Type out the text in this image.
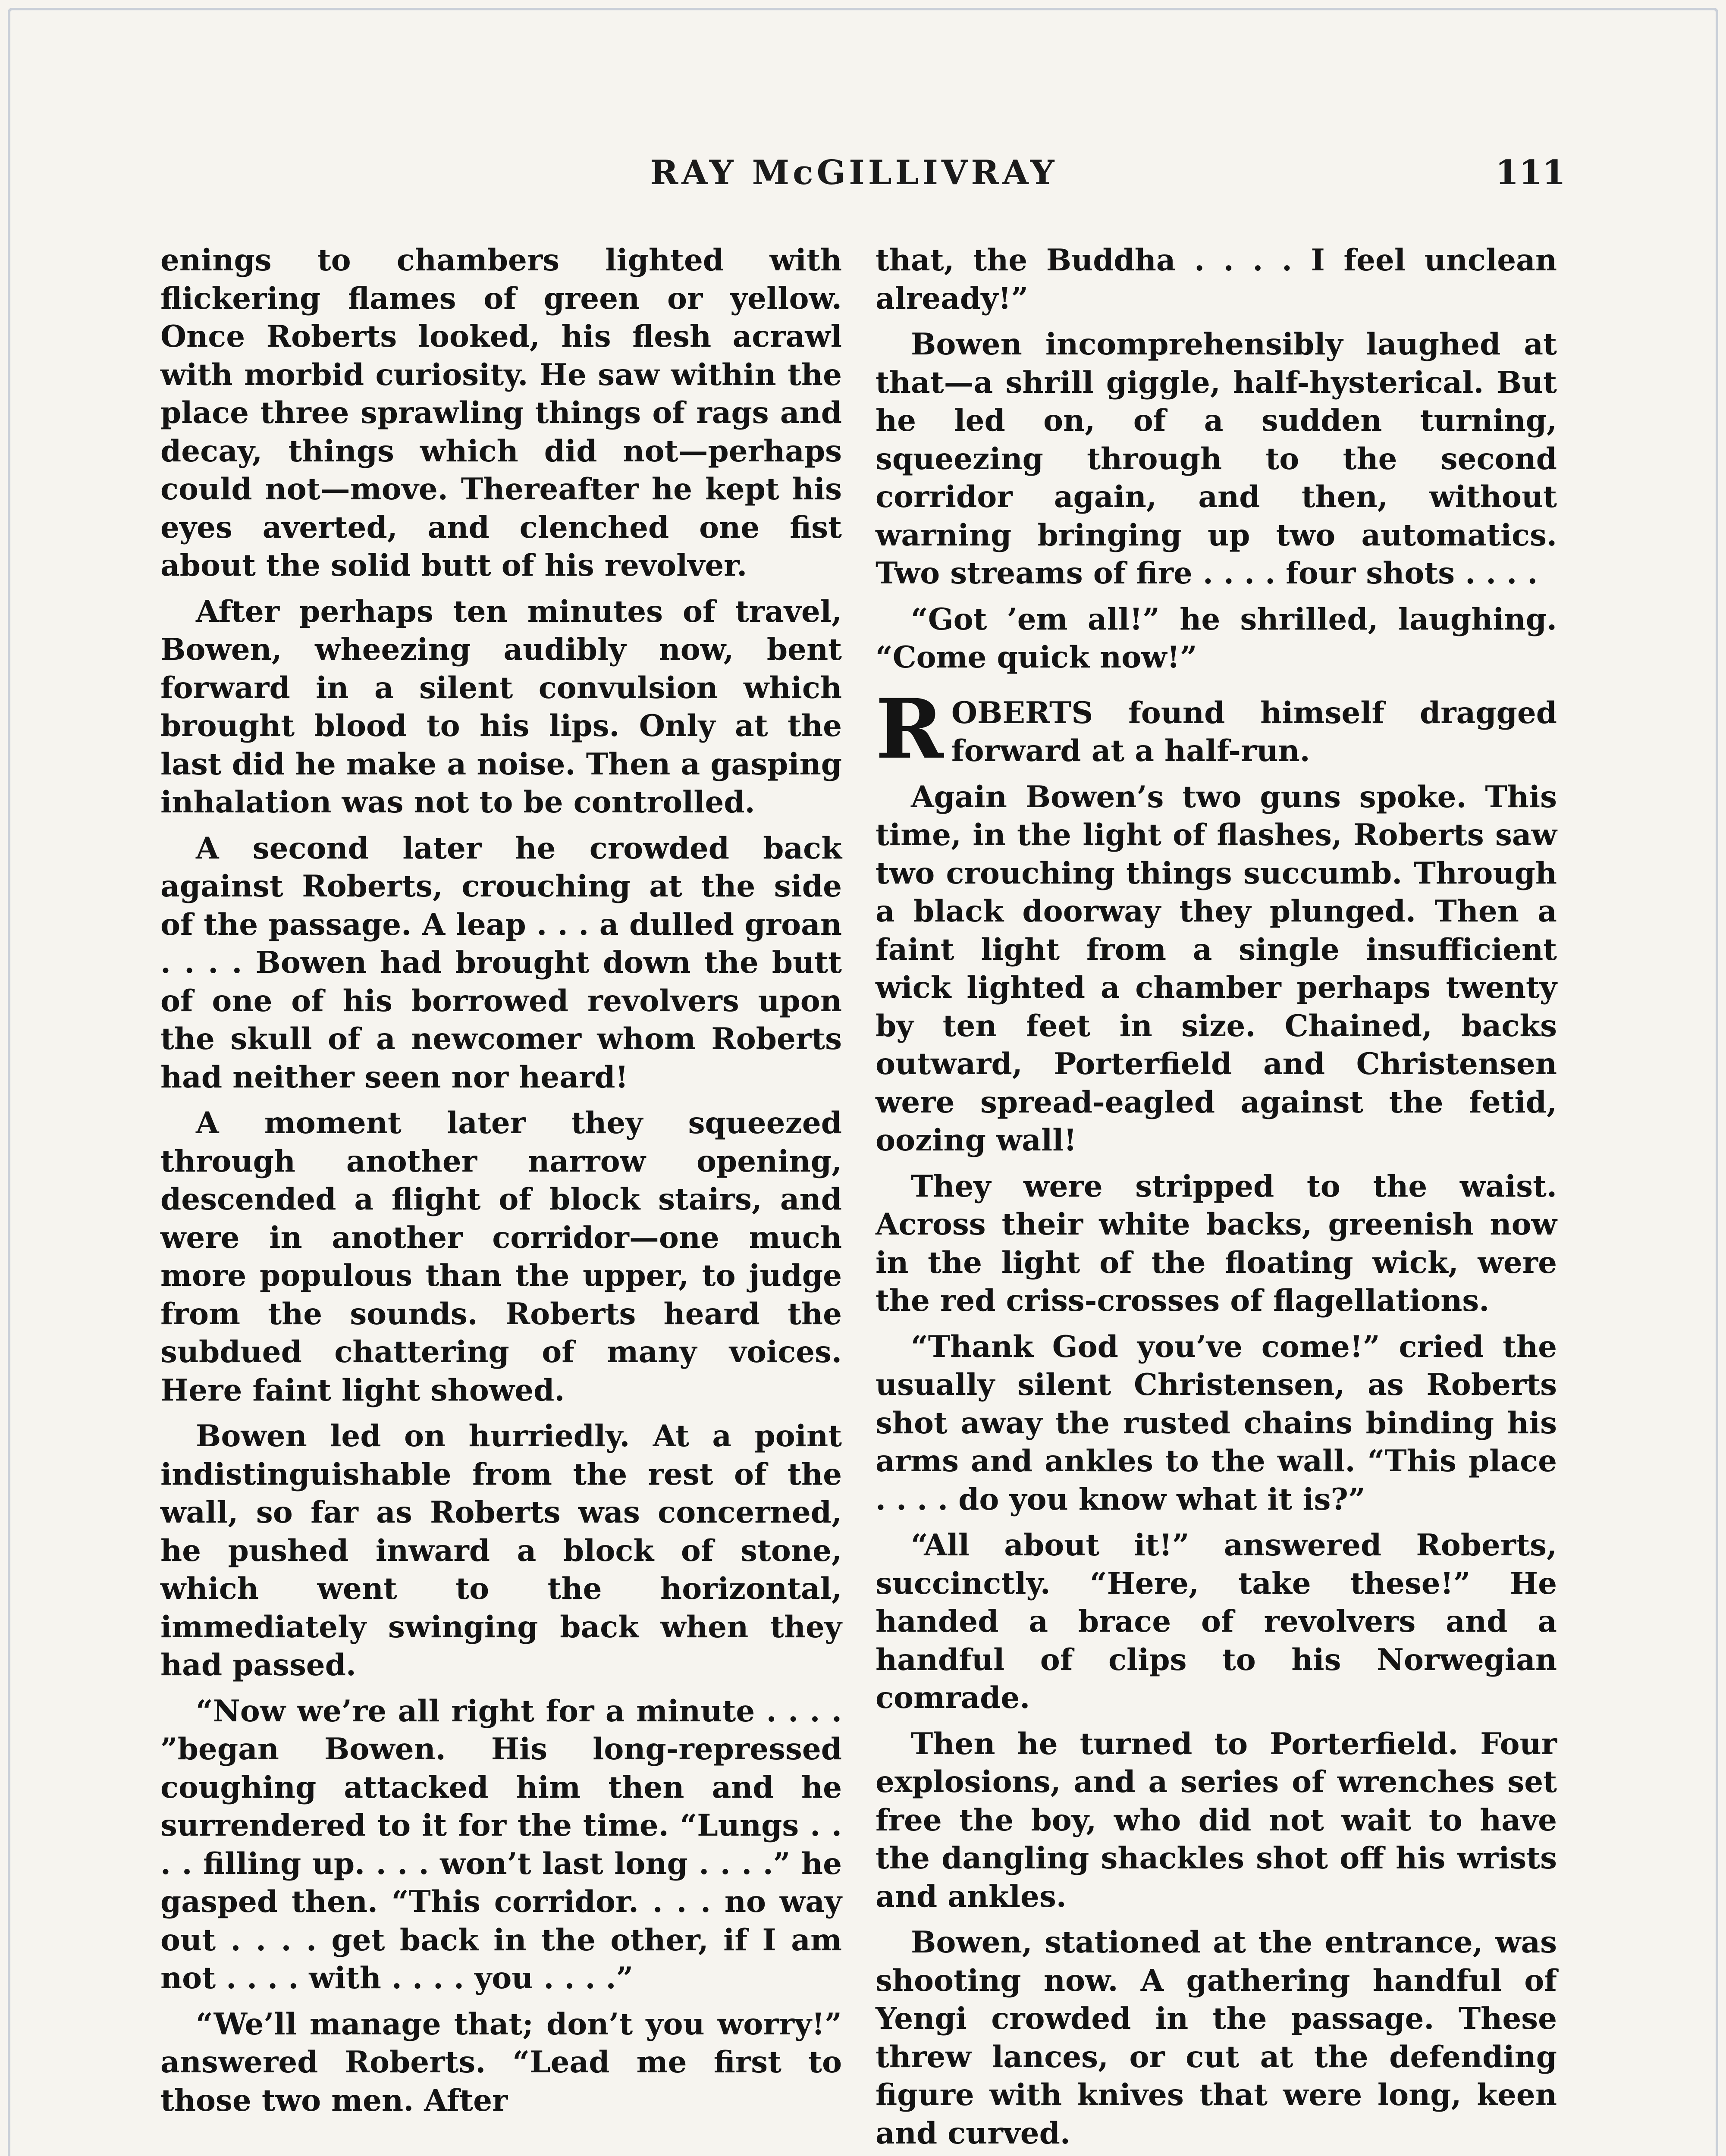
RAY McGILLIVRAY	111

enings to chambers lighted with flickering flames of green or yellow. Once Roberts looked, his flesh acrawl with morbid curiosity. He saw within the place three sprawling things of rags and decay, things which did not—perhaps could not—move. Thereafter he kept his eyes averted, and clenched one fist about the solid butt of his revolver.

After perhaps ten minutes of travel, Bowen, wheezing audibly now, bent forward in a silent convulsion which brought blood to his lips. Only at the last did he make a noise. Then a gasping inhalation was not to be controlled.

A second later he crowded back against Roberts, crouching at the side of the passage. A leap . . . a dulled groan . . . . Bowen had brought down the butt of one of his borrowed revolvers upon the skull of a newcomer whom Roberts had neither seen nor heard!

A moment later they squeezed through another narrow opening, descended a flight of block stairs, and were in another corridor—one much more populous than the upper, to judge from the sounds. Roberts heard the subdued chattering of many voices. Here faint light showed.

Bowen led on hurriedly. At a point indistinguishable from the rest of the wall, so far as Roberts was concerned, he pushed inward a block of stone, which went to the horizontal, immediately swinging back when they had passed.

“Now we’re all right for a minute . . . . ”began Bowen. His long-repressed coughing attacked him then and he surrendered to it for the time. “Lungs . . . . filling up. . . . won’t last long . . . .” he gasped then. “This corridor. . . . no way out . . . . get back in the other, if I am not . . . . with . . . . you . . . .”

“We’ll manage that; don’t you worry!” answered Roberts. “Lead me first to those two men. After

that, the Buddha . . . . I feel unclean already!”

Bowen incomprehensibly laughed at that—a shrill giggle, half-hysterical. But he led on, of a sudden turning, squeezing through to the second corridor again, and then, without warning bringing up two automatics. Two streams of fire . . . . four shots . . . .

“Got ’em all!” he shrilled, laughing. “Come quick now!”

ROBERTS found himself dragged forward at a half-run.

Again Bowen’s two guns spoke. This time, in the light of flashes, Roberts saw two crouching things succumb. Through a black doorway they plunged. Then a faint light from a single insufficient wick lighted a chamber perhaps twenty by ten feet in size. Chained, backs outward, Porterfield and Christensen were spread-eagled against the fetid, oozing wall!

They were stripped to the waist. Across their white backs, greenish now in the light of the floating wick, were the red criss-crosses of flagellations.

“Thank God you’ve come!” cried the usually silent Christensen, as Roberts shot away the rusted chains binding his arms and ankles to the wall. “This place . . . . do you know what it is?”

“All about it!” answered Roberts, succinctly. “Here, take these!” He handed a brace of revolvers and a handful of clips to his Norwegian comrade.

Then he turned to Porterfield. Four explosions, and a series of wrenches set free the boy, who did not wait to have the dangling shackles shot off his wrists and ankles.

Bowen, stationed at the entrance, was shooting now. A gathering handful of Yengi crowded in the passage. These threw lances, or cut at the defending figure with knives that were long, keen and curved.
